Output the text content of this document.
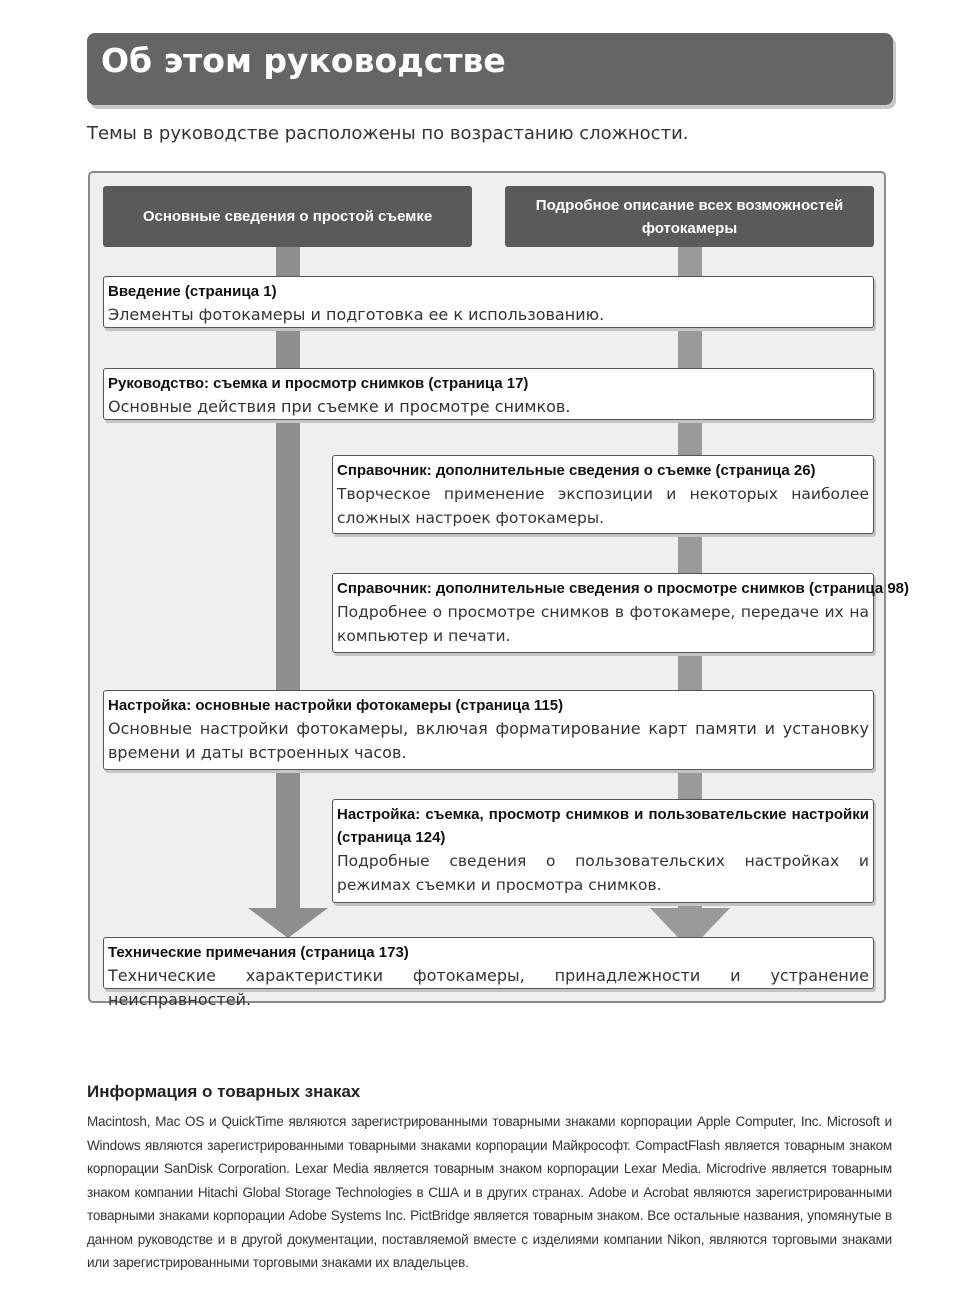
Об этом руководстве
Темы в руководстве расположены по возрастанию сложности.
Основные сведения о простой съемке
Подробное описание всех возможностей фотокамеры
Введение (страница 1)
Элементы фотокамеры и подготовка ее к использованию.
Руководство: съемка и просмотр снимков (страница 17)
Основные действия при съемке и просмотре снимков.
Справочник: дополнительные сведения о съемке (страница 26)
Творческое применение экспозиции и некоторых наиболее сложных настроек фотокамеры.
Справочник: дополнительные сведения о просмотре снимков (страница 98)
Подробнее о просмотре снимков в фотокамере, передаче их на компьютер и печати.
Настройка: основные настройки фотокамеры (страница 115)
Основные настройки фотокамеры, включая форматирование карт памяти и установку времени и даты встроенных часов.
Настройка: съемка, просмотр снимков и пользовательские настройки (страница 124)
Подробные сведения о пользовательских настройках и режимах съемки и просмотра снимков.
Технические примечания (страница 173)
Технические характеристики фотокамеры, принадлежности и устранение неисправностей.
Информация о товарных знаках
Macintosh, Mac OS и QuickTime являются зарегистрированными товарными знаками корпорации Apple Computer, Inc. Microsoft и Windows являются зарегистрированными товарными знаками корпорации Майкрософт. CompactFlash является товарным знаком корпорации SanDisk Corporation. Lexar Media является товарным знаком корпорации Lexar Media. Microdrive является товарным знаком компании Hitachi Global Storage Technologies в США и в других странах. Adobe и Acrobat являются зарегистрированными товарными знаками корпорации Adobe Systems Inc. PictBridge является товарным знаком. Все остальные названия, упомянутые в данном руководстве и в другой документации, поставляемой вместе с изделиями компании Nikon, являются торговыми знаками или зарегистрированными торговыми знаками их владельцев.
